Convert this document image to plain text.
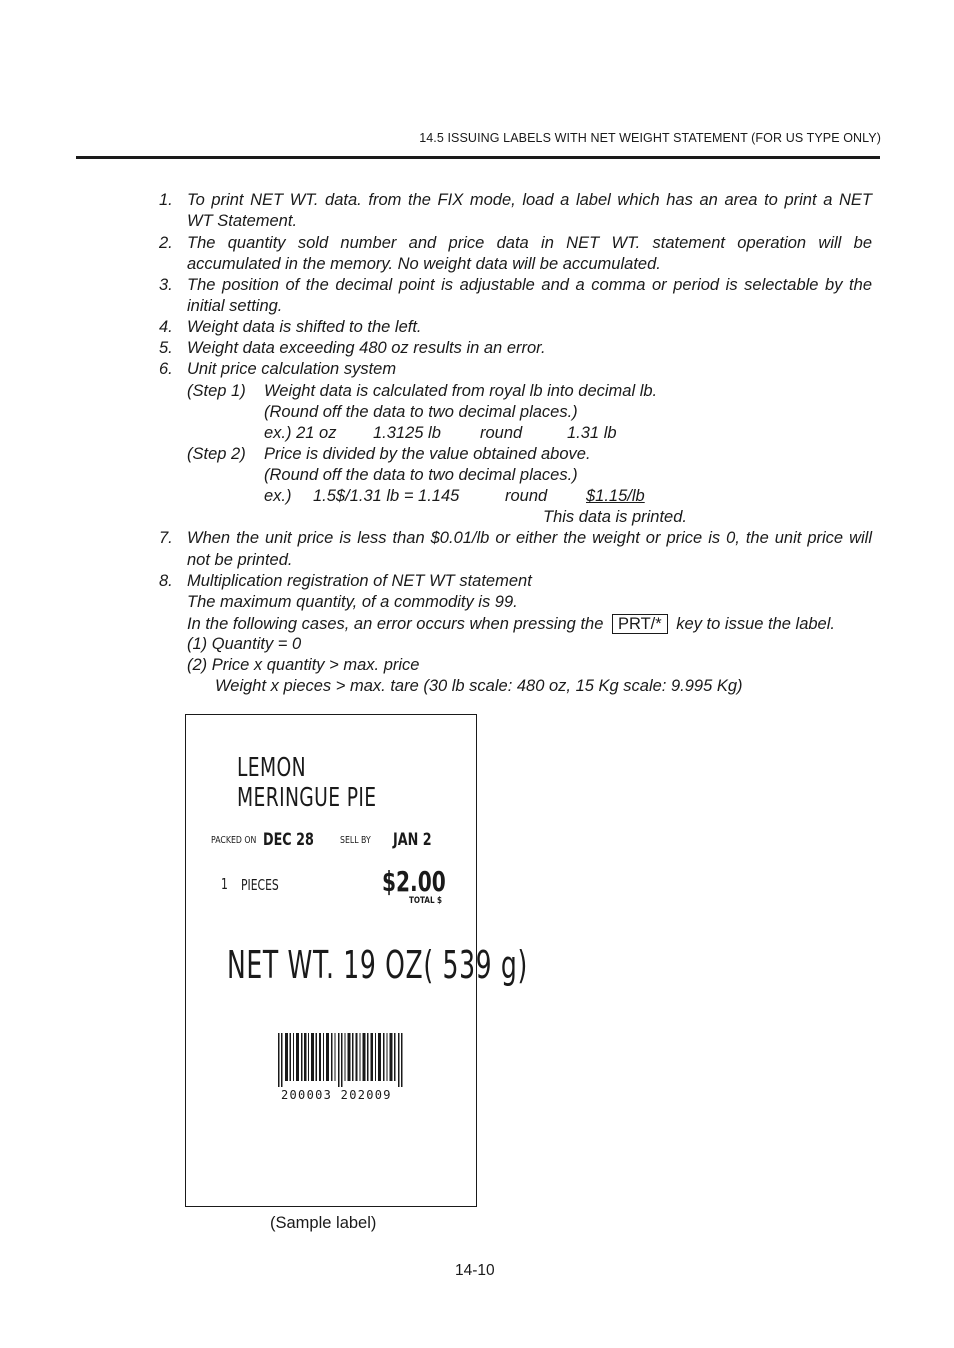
14.5 ISSUING LABELS WITH NET WEIGHT STATEMENT (FOR US TYPE ONLY)
1. To print NET WT. data. from the FIX mode, load a label which has an area to print a NET
WT Statement.
2. The quantity sold number and price data in NET WT. statement operation will be
accumulated in the memory. No weight data will be accumulated.
3. The position of the decimal point is adjustable and a comma or period is selectable by the
initial setting.
4. Weight data is shifted to the left.
5. Weight data exceeding 480 oz results in an error.
6. Unit price calculation system
(Step 1) Weight data is calculated from royal lb into decimal lb.
(Round off the data to two decimal places.)
ex.) 21 oz 1.3125 lb round	1.31 lb
(Step 2) Price is divided by the value obtained above.
(Round off the data to two decimal places.)
ex.) 1.5$/1.31 lb = 1.145	round $1.15/lb
This data is printed.
7. When the unit price is less than $0.01/lb or either the weight or price is 0, the unit price will
not be printed.
8. Multiplication registration of NET WT statement
The maximum quantity, of a commodity is 99.
In the following cases, an error occurs when pressing the PRT/* key to issue the label.
(1) Quantity = 0
(2) Price x quantity > max. price
Weight x pieces > max. tare (30 lb scale: 480 oz, 15 Kg scale: 9.995 Kg)
LEMON MERINGUE PIE
PACKED ON DEC 28	SELL BY JAN 2
1 PIECES	$2.00
TOTAL $
NET WT. 19 OZ( 539 g)
200003 202009
(Sample label)
14-10
